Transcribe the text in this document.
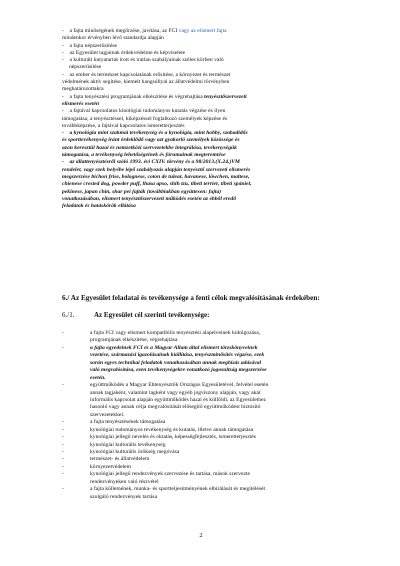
-    a fajta minőségének megőrzése, javítása, az FCI vagy az elismert fajta
mindenkor érvényben lévő standardja alapján
-    a fajta népszerűsítése
-    az Egyesület tagjainak érdekvédelme és képviselete
-    a kulturált kutyatartás írott és íratlan szabályainak széles körben való
népszerűsítése
-    az ember és természet kapcsolatának erősítése, a környezet és természet
védelmének aktív segítése, kiemelt hangsúllyal az állatvédelmi törvényben
meghatározottakra
-    a fajta tenyésztési programjának elkészítése és végrehajtása tenyésztőszervezeti
elismerés esetén
-    a fajtával kapcsolatos kinológiai tudományos kutatás végzése és ilyen
támogatása, a tenyésztéssel, kiképzéssel foglalkozó személyek képzése és
továbbképzése, a fajtával kapcsolatos ismeretterjesztés
-    a kynológia mint szakmai tevékenység és a kynológia, mint hobby, szabadidős
és sporttevékenység iránt érdeklődő vagy azt gyakorló személyek közössége és
azon keresztül hazai és nemzetközi szervezetekbe integrálása, tevékenységük
támogatása, a tevékenység lehetőségeinek és fórumainak megteremtése
-    az állattenyésztésről szóló 1993. évi CXIV. törvény és a 98/2013.(X.24.)VM
rendelet, vagy ezek helyébe lépő szabályozás alapján tenyésztő szervezeti elismerés
megszerzése bichon frise, bolognese, coton de tulear, havanese, löwchen, maltese,
chienese crested dog, powder puff, lhasa apso, shih tzu, tibeti terrier, tibeti spániel,
pekinese, japan chin, shar pei fajták (továbbiakban együttesen: fajta)
vonatkozásában, elismert tenyésztőszervezeti működés esetén az ebből eredő
feladatok és hatáskörök ellátása
6./ Az Egyesület feladatai és tevékenysége a fenti célok megvalósításának érdekében:
6./1.	Az Egyesület cél szerinti tevékenysége:
-	a fajta FCI vagy elismert kompatibilis tenyésztési alapelveinek kidolgozása,
programjának elkészítése, végrehajtása
-	a fajta egyedeinek FCI és a Magyar Állam által elismert törzskönyveinek
vezetése, származási igazolásainak kiállítása, tenyészminősítés végzése, ezek
során egyes technikai feladatok vonatkozásában annak megbízás adásával
való megvalósítása, ezen tevékenységekre vonatkozó jogosultság megszerzése
esetén.
-	együttműködés a Magyar Ebtenyésztők Országos Egyesületével, felvétel esetén
annak tagjaként, valamint tagként vagy egyéb jogviszony alapján, vagy akár
informális kapcsolat alapján együttműködés hazai és külföldi, az Egyesülethez
hasonló vagy annak célja megvalósítását elősegítő együttműködést biztosító
szervezetekkel.
-	a fajta tenyésztésének támogatása
-	kynológiai tudományos tevékenység és kutatás, illetve annak támogatása
-	kynológiai jellegű nevelés és oktatás, képességfejlesztés, ismeretterjesztés
-	kynológiai kulturális tevékenység
-	kynológiai kulturális örökség megóvása
-	természet- és állatvédelem
-	környezetvédelem
-	kynológiai jellegű rendezvények szervezése és tartása, mások szervezte
rendezvényeken való részvétel
-	a fajta küllemének, munka- és sportteljesítményének elbírálását és megítélését
szolgáló rendezvények tartása
2
